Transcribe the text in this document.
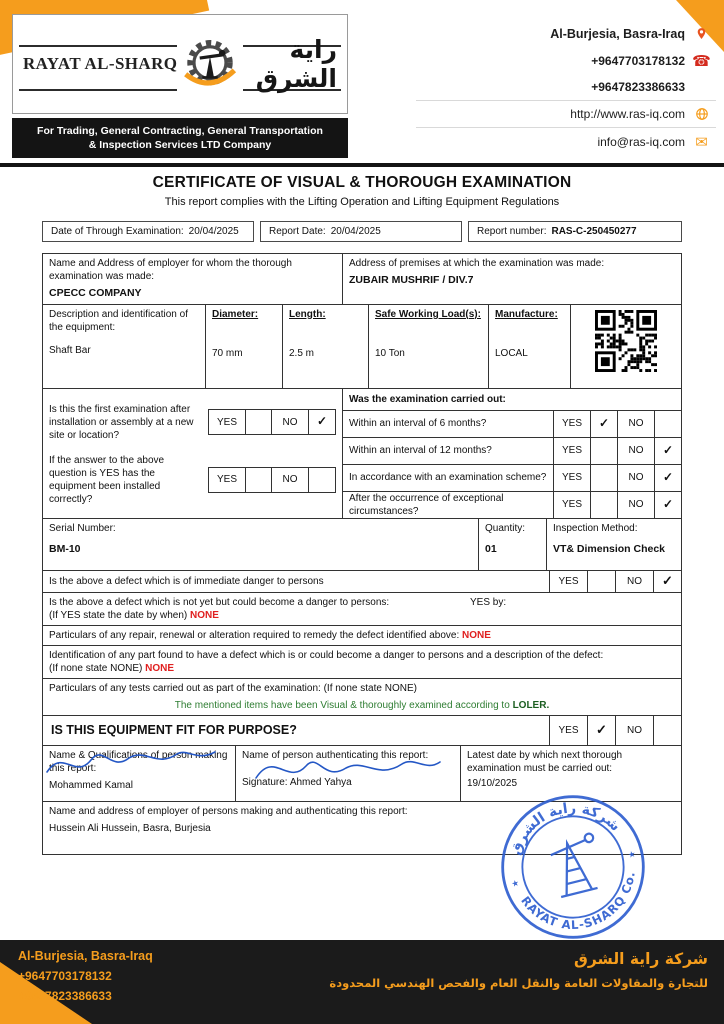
RAYAT AL-SHARQ	راية الشرق
For Trading, General Contracting, General Transportation
& Inspection Services LTD Company
Al-Burjesia, Basra-Iraq
+9647703178132 ☎
+9647823386633
http://www.ras-iq.com
info@ras-iq.com ✉
CERTIFICATE OF VISUAL & THOROUGH EXAMINATION
This report complies with the Lifting Operation and Lifting Equipment Regulations
Date of Through Examination: 20/04/2025	Report Date: 20/04/2025	Report number: RAS-C-250450277
Name and Address of employer for whom the thorough examination was made:
CPECC COMPANY
Address of premises at which the examination was made:
ZUBAIR MUSHRIF / DIV.7
Description and identification of the equipment:
Shaft Bar
Diameter:
70 mm
Length:
2.5 m
Safe Working Load(s):
10 Ton
Manufacture:
LOCAL
Is this the first examination after installation or assembly at a new site or location?
YES	NO	✓
If the answer to the above question is YES has the equipment been installed correctly?
YES	NO
Was the examination carried out:
Within an interval of 6 months?	YES	✓	NO
Within an interval of 12 months?	YES	NO	✓
In accordance with an examination scheme?	YES	NO	✓
After the occurrence of exceptional circumstances?
YES	NO	✓
Serial Number:
BM-10
Quantity:
01
Inspection Method:
VT& Dimension Check
Is the above a defect which is of immediate danger to persons	YES	NO	✓
Is the above a defect which is not yet but could become a danger to persons:
(If YES state the date by when) NONE
YES by:
Particulars of any repair, renewal or alteration required to remedy the defect identified above: NONE
Identification of any part found to have a defect which is or could become a danger to persons and a description of the defect:
(If none state NONE) NONE
Particulars of any tests carried out as part of the examination: (If none state NONE)
The mentioned items have been Visual & thoroughly examined according to LOLER.
IS THIS EQUIPMENT FIT FOR PURPOSE?	YES	✓	NO
Name & Qualifications of person making this report:
Mohammed Kamal
Name of person authenticating this report:
Signature: Ahmed Yahya
Latest date by which next thorough examination must be carried out:
19/10/2025
Name and address of employer of persons making and authenticating this report:
Hussein Ali Hussein, Basra, Burjesia
شركة راية الشرق
RAYAT AL-SHARQ Co.
★
★
Al-Burjesia, Basra-Iraq
+9647703178132
+9647823386633
شركة راية الشرق
للتجارة والمقاولات العامة والنقل العام والفحص الهندسي المحدودة
